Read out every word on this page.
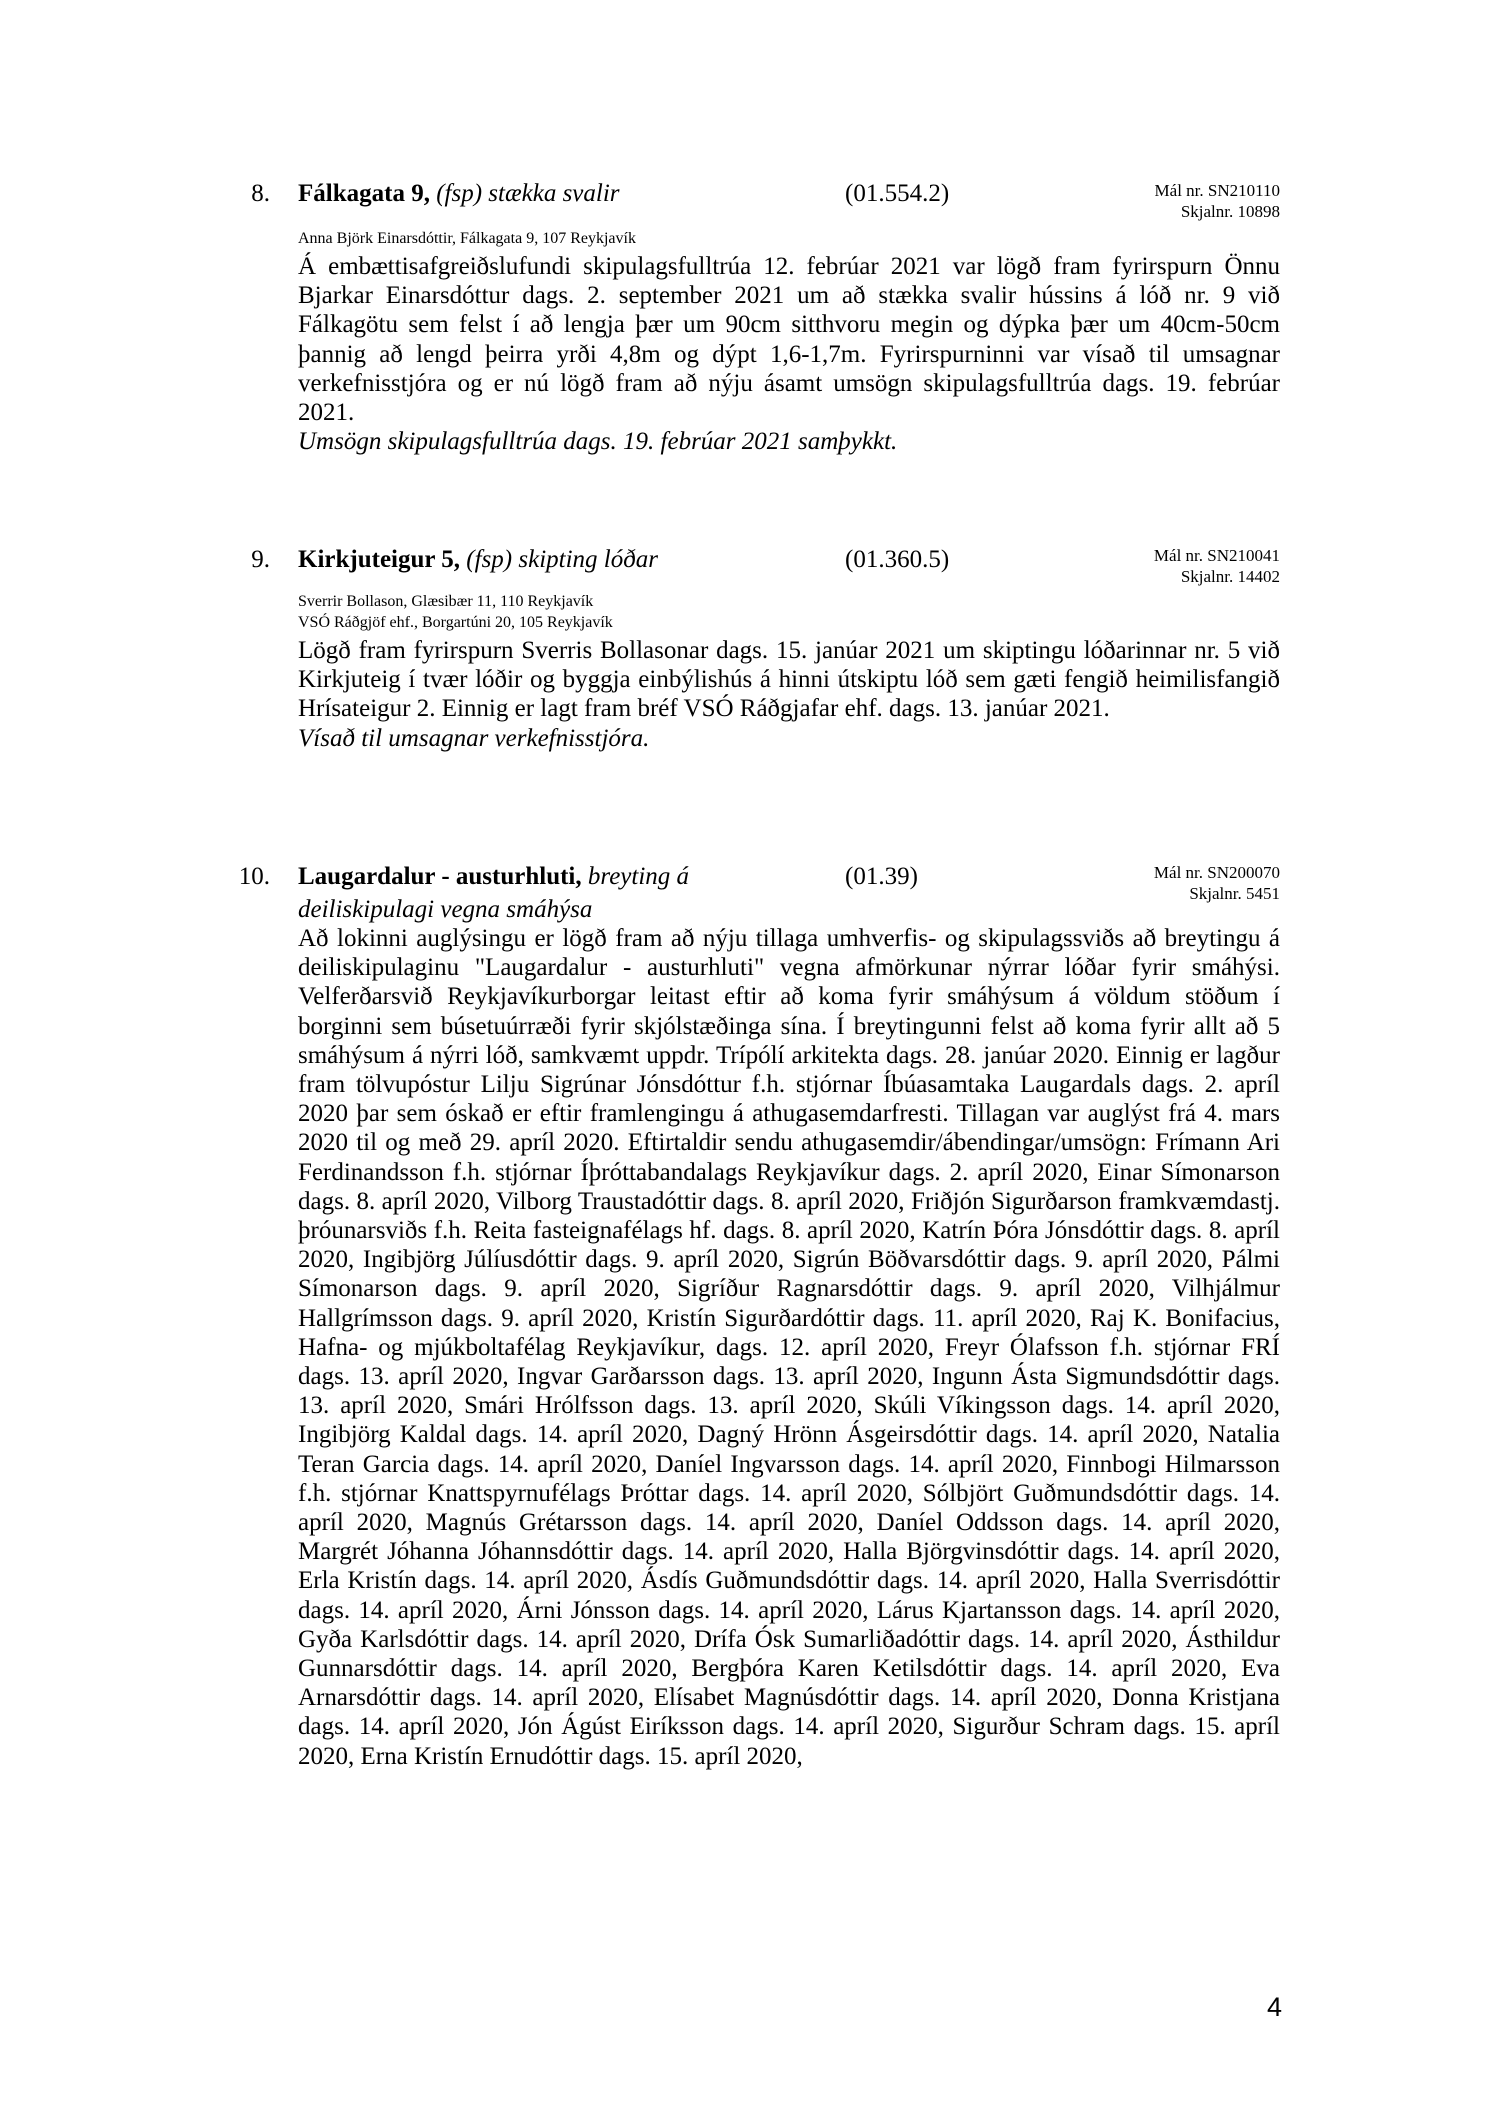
8. Fálkagata 9, (fsp) stækka svalir	(01.554.2)	Mál nr. SN210110
Skjalnr. 10898
Anna Björk Einarsdóttir, Fálkagata 9, 107 Reykjavík

Á embættisafgreiðslufundi skipulagsfulltrúa 12. febrúar 2021 var lögð fram fyrirspurn Önnu Bjarkar Einarsdóttur dags. 2. september 2021 um að stækka svalir hússins á lóð nr. 9 við Fálkagötu sem felst í að lengja þær um 90cm sitthvoru megin og dýpka þær um 40cm-50cm þannig að lengd þeirra yrði 4,8m og dýpt 1,6-1,7m. Fyrirspurninni var vísað til umsagnar verkefnisstjóra og er nú lögð fram að nýju ásamt umsögn skipulagsfulltrúa dags. 19. febrúar 2021.

Umsögn skipulagsfulltrúa dags. 19. febrúar 2021 samþykkt.

9. Kirkjuteigur 5, (fsp) skipting lóðar	(01.360.5)	Mál nr. SN210041
Skjalnr. 14402
Sverrir Bollason, Glæsibær 11, 110 Reykjavík
VSÓ Ráðgjöf ehf., Borgartúni 20, 105 Reykjavík

Lögð fram fyrirspurn Sverris Bollasonar dags. 15. janúar 2021 um skiptingu lóðarinnar nr. 5 við Kirkjuteig í tvær lóðir og byggja einbýlishús á hinni útskiptu lóð sem gæti fengið heimilisfangið Hrísateigur 2. Einnig er lagt fram bréf VSÓ Ráðgjafar ehf. dags. 13. janúar 2021.

Vísað til umsagnar verkefnisstjóra.

10. Laugardalur - austurhluti, breyting á
deiliskipulagi vegna smáhýsa
(01.39)	Mál nr. SN200070
Skjalnr. 5451

Að lokinni auglýsingu er lögð fram að nýju tillaga umhverfis- og skipulagssviðs að breytingu á deiliskipulaginu "Laugardalur - austurhluti" vegna afmörkunar nýrrar lóðar fyrir smáhýsi. Velferðarsvið Reykjavíkurborgar leitast eftir að koma fyrir smáhýsum á völdum stöðum í borginni sem búsetuúrræði fyrir skjólstæðinga sína. Í breytingunni felst að koma fyrir allt að 5 smáhýsum á nýrri lóð, samkvæmt uppdr. Trípólí arkitekta dags. 28. janúar 2020. Einnig er lagður fram tölvupóstur Lilju Sigrúnar Jónsdóttur f.h. stjórnar Íbúasamtaka Laugardals dags. 2. apríl 2020 þar sem óskað er eftir framlengingu á athugasemdarfresti. Tillagan var auglýst frá 4. mars 2020 til og með 29. apríl 2020. Eftirtaldir sendu athugasemdir/ábendingar/umsögn: Frímann Ari Ferdinandsson f.h. stjórnar Íþróttabandalags Reykjavíkur dags. 2. apríl 2020, Einar Símonarson dags. 8. apríl 2020, Vilborg Traustadóttir dags. 8. apríl 2020, Friðjón Sigurðarson framkvæmdastj. þróunarsviðs f.h. Reita fasteignafélags hf. dags. 8. apríl 2020, Katrín Þóra Jónsdóttir dags. 8. apríl 2020, Ingibjörg Júlíusdóttir dags. 9. apríl 2020, Sigrún Böðvarsdóttir dags. 9. apríl 2020, Pálmi Símonarson dags. 9. apríl 2020, Sigríður Ragnarsdóttir dags. 9. apríl 2020, Vilhjálmur Hallgrímsson dags. 9. apríl 2020, Kristín Sigurðardóttir dags. 11. apríl 2020, Raj K. Bonifacius, Hafna- og mjúkboltafélag Reykjavíkur, dags. 12. apríl 2020, Freyr Ólafsson f.h. stjórnar FRÍ dags. 13. apríl 2020, Ingvar Garðarsson dags. 13. apríl 2020, Ingunn Ásta Sigmundsdóttir dags. 13. apríl 2020, Smári Hrólfsson dags. 13. apríl 2020, Skúli Víkingsson dags. 14. apríl 2020, Ingibjörg Kaldal dags. 14. apríl 2020, Dagný Hrönn Ásgeirsdóttir dags. 14. apríl 2020, Natalia Teran Garcia dags. 14. apríl 2020, Daníel Ingvarsson dags. 14. apríl 2020, Finnbogi Hilmarsson f.h. stjórnar Knattspyrnufélags Þróttar dags. 14. apríl 2020, Sólbjört Guðmundsdóttir dags. 14. apríl 2020, Magnús Grétarsson dags. 14. apríl 2020, Daníel Oddsson dags. 14. apríl 2020, Margrét Jóhanna Jóhannsdóttir dags. 14. apríl 2020, Halla Björgvinsdóttir dags. 14. apríl 2020, Erla Kristín dags. 14. apríl 2020, Ásdís Guðmundsdóttir dags. 14. apríl 2020, Halla Sverrisdóttir dags. 14. apríl 2020, Árni Jónsson dags. 14. apríl 2020, Lárus Kjartansson dags. 14. apríl 2020, Gyða Karlsdóttir dags. 14. apríl 2020, Drífa Ósk Sumarliðadóttir dags. 14. apríl 2020, Ásthildur Gunnarsdóttir dags. 14. apríl 2020, Bergþóra Karen Ketilsdóttir dags. 14. apríl 2020, Eva Arnarsdóttir dags. 14. apríl 2020, Elísabet Magnúsdóttir dags. 14. apríl 2020, Donna Kristjana dags. 14. apríl 2020, Jón Ágúst Eiríksson dags. 14. apríl 2020, Sigurður Schram dags. 15. apríl 2020, Erna Kristín Ernudóttir dags. 15. apríl 2020,

4
